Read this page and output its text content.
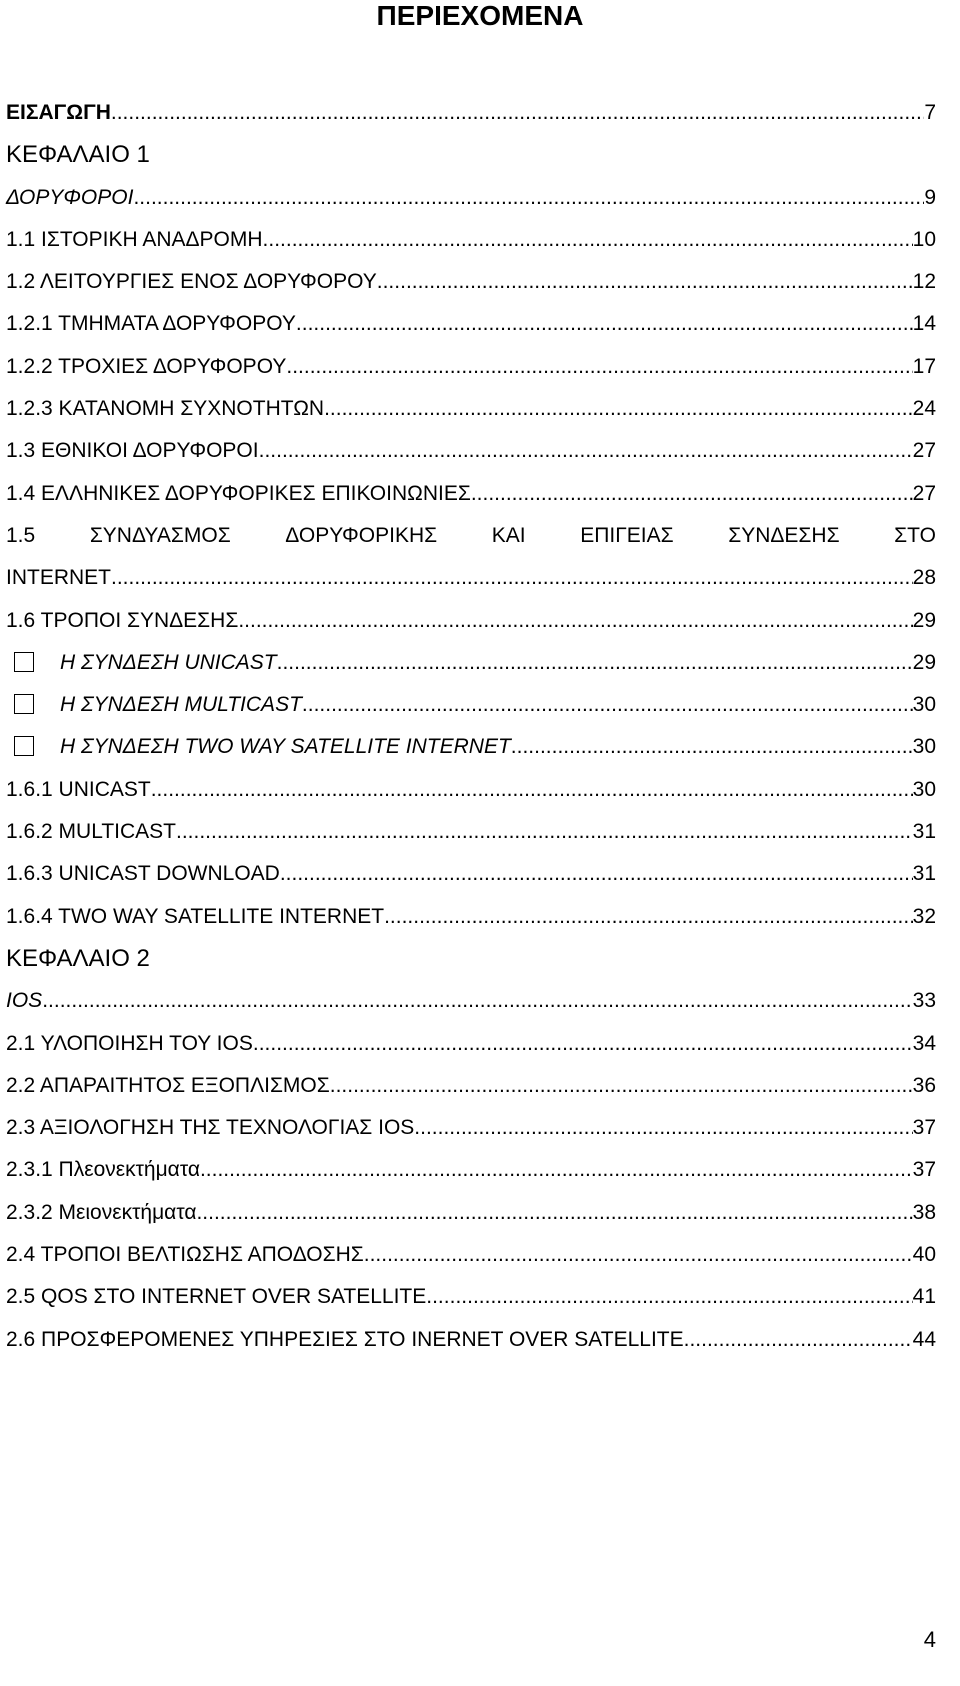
ΠΕΡΙΕΧΟΜΕΝΑ
ΕΙΣΑΓΩΓΗ .....	7
ΚΕΦΑΛΑΙΟ 1
ΔΟΡΥΦΟΡΟΙ .....	9
1.1 ΙΣΤΟΡΙΚΗ ΑΝΑΔΡΟΜΗ .....	10
1.2 ΛΕΙΤΟΥΡΓΙΕΣ ΕΝΟΣ ΔΟΡΥΦΟΡΟΥ .....	12
1.2.1 ΤΜΗΜΑΤΑ ΔΟΡΥΦΟΡΟΥ .....	14
1.2.2 ΤΡΟΧΙΕΣ ΔΟΡΥΦΟΡΟΥ .....	17
1.2.3 ΚΑΤΑΝΟΜΗ ΣΥΧΝΟΤΗΤΩΝ .....	24
1.3 ΕΘΝΙΚΟΙ ΔΟΡΥΦΟΡΟΙ .....	27
1.4 ΕΛΛΗΝΙΚΕΣ ΔΟΡΥΦΟΡΙΚΕΣ ΕΠΙΚΟΙΝΩΝΙΕΣ .....	27
1.5	ΣΥΝΔΥΑΣΜΟΣ	ΔΟΡΥΦΟΡΙΚΗΣ	ΚΑΙ	ΕΠΙΓΕΙΑΣ	ΣΥΝΔΕΣΗΣ	ΣΤΟ
INTERNET .....	28
1.6 ΤΡΟΠΟΙ ΣΥΝΔΕΣΗΣ .....	29
Η ΣΥΝΔΕΣΗ UNICAST .....	29
Η ΣΥΝΔΕΣΗ MULTICAST .....	30
Η ΣΥΝΔΕΣΗ TWO WAY SATELLITE INTERNET .....	30
1.6.1 UNICAST .....	30
1.6.2 MULTICAST .....	31
1.6.3 UNICAST DOWNLOAD .....	31
1.6.4 TWO WAY SATELLITE INTERNET .....	32
ΚΕΦΑΛΑΙΟ 2
IOS .....	33
2.1 ΥΛΟΠΟΙΗΣΗ ΤΟΥ IOS .....	34
2.2 ΑΠΑΡΑΙΤΗΤΟΣ ΕΞΟΠΛΙΣΜΟΣ .....	36
2.3 ΑΞΙΟΛΟΓΗΣΗ ΤΗΣ ΤΕΧΝΟΛΟΓΙΑΣ IOS .....	37
2.3.1 Πλεονεκτήματα .....	37
2.3.2 Μειονεκτήματα .....	38
2.4 ΤΡΟΠΟΙ ΒΕΛΤΙΩΣΗΣ ΑΠΟΔΟΣΗΣ .....	40
2.5 QOS ΣΤΟ INTERNET OVER SATELLITE .....	41
2.6 ΠΡΟΣΦΕΡΟΜΕΝΕΣ ΥΠΗΡΕΣΙΕΣ ΣΤΟ INERNET OVER SATELLITE .....	44
4
